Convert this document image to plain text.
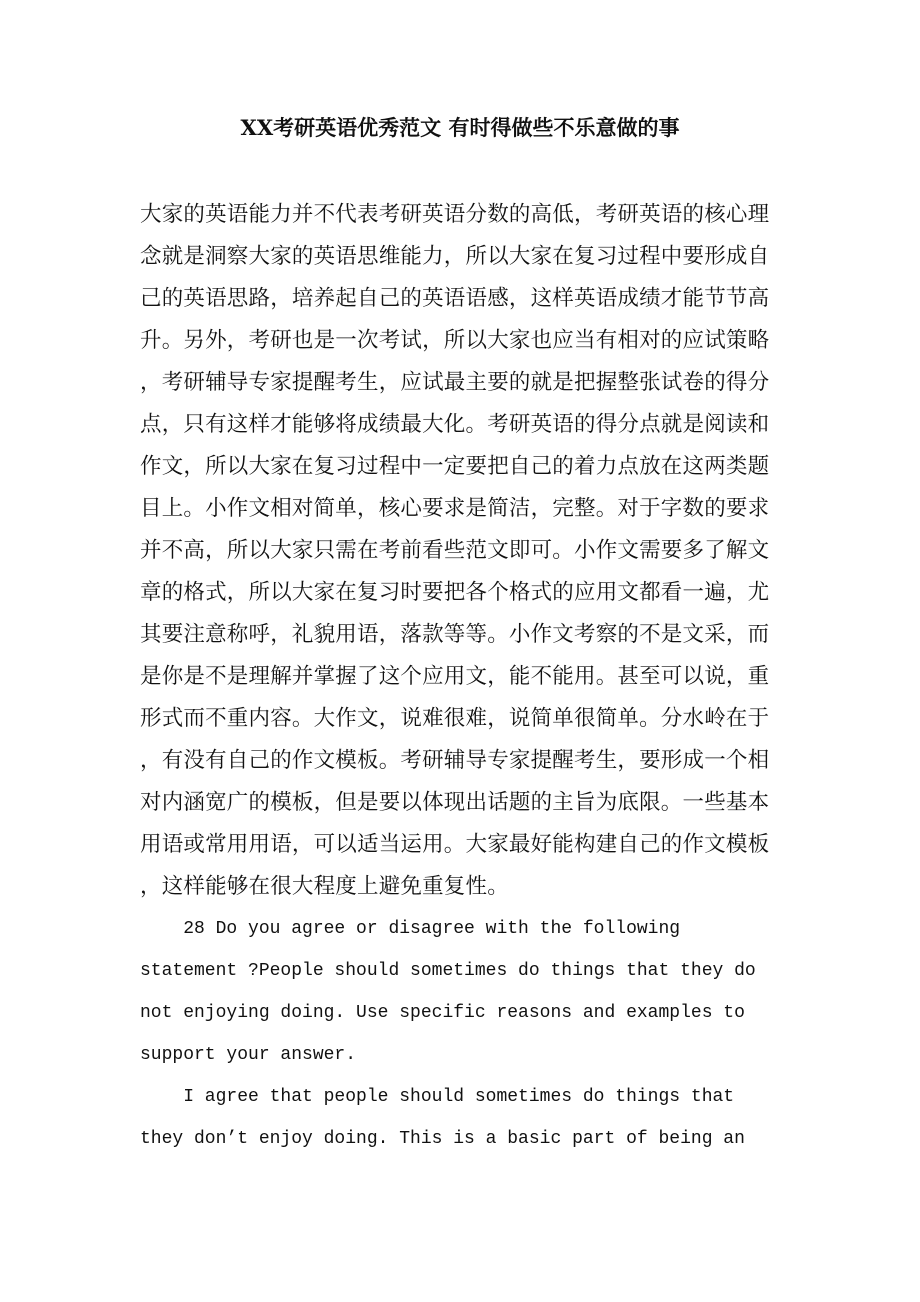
XX考研英语优秀范文 有时得做些不乐意做的事
大家的英语能力并不代表考研英语分数的高低，考研英语的核心理
念就是洞察大家的英语思维能力，所以大家在复习过程中要形成自
己的英语思路，培养起自己的英语语感，这样英语成绩才能节节高
升。另外，考研也是一次考试，所以大家也应当有相对的应试策略
，考研辅导专家提醒考生，应试最主要的就是把握整张试卷的得分
点，只有这样才能够将成绩最大化。考研英语的得分点就是阅读和
作文，所以大家在复习过程中一定要把自己的着力点放在这两类题
目上。小作文相对简单，核心要求是简洁，完整。对于字数的要求
并不高，所以大家只需在考前看些范文即可。小作文需要多了解文
章的格式，所以大家在复习时要把各个格式的应用文都看一遍，尤
其要注意称呼，礼貌用语，落款等等。小作文考察的不是文采，而
是你是不是理解并掌握了这个应用文，能不能用。甚至可以说，重
形式而不重内容。大作文，说难很难，说简单很简单。分水岭在于
，有没有自己的作文模板。考研辅导专家提醒考生，要形成一个相
对内涵宽广的模板，但是要以体现出话题的主旨为底限。一些基本
用语或常用用语，可以适当运用。大家最好能构建自己的作文模板
，这样能够在很大程度上避免重复性。
28 Do you agree or disagree with the following
statement ?People should sometimes do things that they do
not enjoying doing. Use specific reasons and examples to
support your answer.
I agree that people should sometimes do things that
they don’t enjoy doing. This is a basic part of being an
